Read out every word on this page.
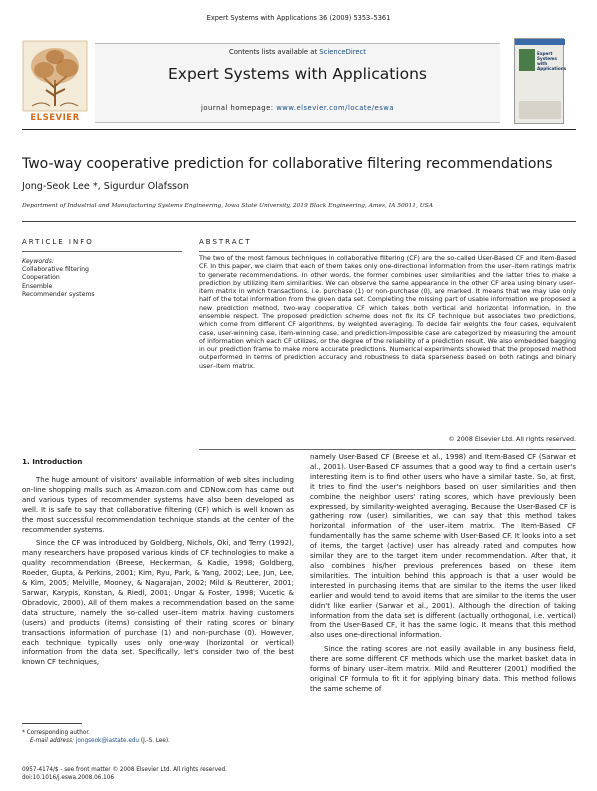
Expert Systems with Applications 36 (2009) 5353–5361
Contents lists available at ScienceDirect
Expert Systems with Applications
journal homepage: www.elsevier.com/locate/eswa
ELSEVIER
Expert Systems with Applications
Two-way cooperative prediction for collaborative filtering recommendations
Jong-Seok Lee *, Sigurdur Olafsson
Department of Industrial and Manufacturing Systems Engineering, Iowa State University, 2019 Black Engineering, Ames, IA 50011, USA
ARTICLE INFO
Keywords:
Collaborative filtering
Cooperation
Ensemble
Recommender systems
ABSTRACT
The two of the most famous techniques in collaborative filtering (CF) are the so-called User-Based CF and Item-Based CF. In this paper, we claim that each of them takes only one-directional information from the user–item ratings matrix to generate recommendations. In other words, the former combines user similarities and the latter tries to make a prediction by utilizing item similarities. We can observe the same appearance in the other CF area using binary user–item matrix in which transactions, i.e. purchase (1) or non-purchase (0), are marked. It means that we may use only half of the total information from the given data set. Completing the missing part of usable information we proposed a new prediction method, two-way cooperative CF which takes both vertical and horizontal information, in the ensemble respect. The proposed prediction scheme does not fix its CF technique but associates two predictions, which come from different CF algorithms, by weighted averaging. To decide fair weights the four cases, equivalent case, user-winning case, item-winning case, and prediction-impossible case are categorized by measuring the amount of information which each CF utilizes, or the degree of the reliability of a prediction result. We also embedded bagging in our prediction frame to make more accurate predictions. Numerical experiments showed that the proposed method outperformed in terms of prediction accuracy and robustness to data sparseness based on both ratings and binary user–item matrix.
© 2008 Elsevier Ltd. All rights reserved.
1. Introduction

The huge amount of visitors' available information of web sites including on-line shopping malls such as Amazon.com and CDNow.com has came out and various types of recommender systems have also been developed as well. It is safe to say that collaborative filtering (CF) which is well known as the most successful recommendation technique stands at the center of the recommender systems.

Since the CF was introduced by Goldberg, Nichols, Oki, and Terry (1992), many researchers have proposed various kinds of CF technologies to make a quality recommendation (Breese, Heckerman, & Kadie, 1998; Goldberg, Roeder, Gupta, & Perkins, 2001; Kim, Ryu, Park, & Yang, 2002; Lee, Jun, Lee, & Kim, 2005; Melville, Mooney, & Nagarajan, 2002; Mild & Reutterer, 2001; Sarwar, Karypis, Konstan, & Riedl, 2001; Ungar & Foster, 1998; Vucetic & Obradovic, 2000). All of them makes a recommendation based on the same data structure, namely the so-called user–item matrix having customers (users) and products (items) consisting of their rating scores or binary transactions information of purchase (1) and non-purchase (0). However, each technique typically uses only one-way (horizontal or vertical) information from the data set. Specifically, let's consider two of the best known CF techniques,

namely User-Based CF (Breese et al., 1998) and Item-Based CF (Sarwar et al., 2001). User-Based CF assumes that a good way to find a certain user's interesting item is to find other users who have a similar taste. So, at first, it tries to find the user's neighbors based on user similarities and then combine the neighbor users' rating scores, which have previously been expressed, by similarity-weighted averaging. Because the User-Based CF is gathering row (user) similarities, we can say that this method takes horizontal information of the user–item matrix. The Item-Based CF fundamentally has the same scheme with User-Based CF. It looks into a set of items, the target (active) user has already rated and computes how similar they are to the target item under recommendation. After that, it also combines his/her previous preferences based on these item similarities. The intuition behind this approach is that a user would be interested in purchasing items that are similar to the items the user liked earlier and would tend to avoid items that are similar to the items the user didn't like earlier (Sarwar et al., 2001). Although the direction of taking information from the data set is different (actually orthogonal, i.e. vertical) from the User-Based CF, it has the same logic. It means that this method also uses one-directional information.

Since the rating scores are not easily available in any business field, there are some different CF methods which use the market basket data in forms of binary user–item matrix. Mild and Reutterer (2001) modified the original CF formula to fit it for applying binary data. This method follows the same scheme of

* Corresponding author.
E-mail address: jongseok@iastate.edu (J.-S. Lee).
0957-4174/$ - see front matter © 2008 Elsevier Ltd. All rights reserved.
doi:10.1016/j.eswa.2008.06.106
